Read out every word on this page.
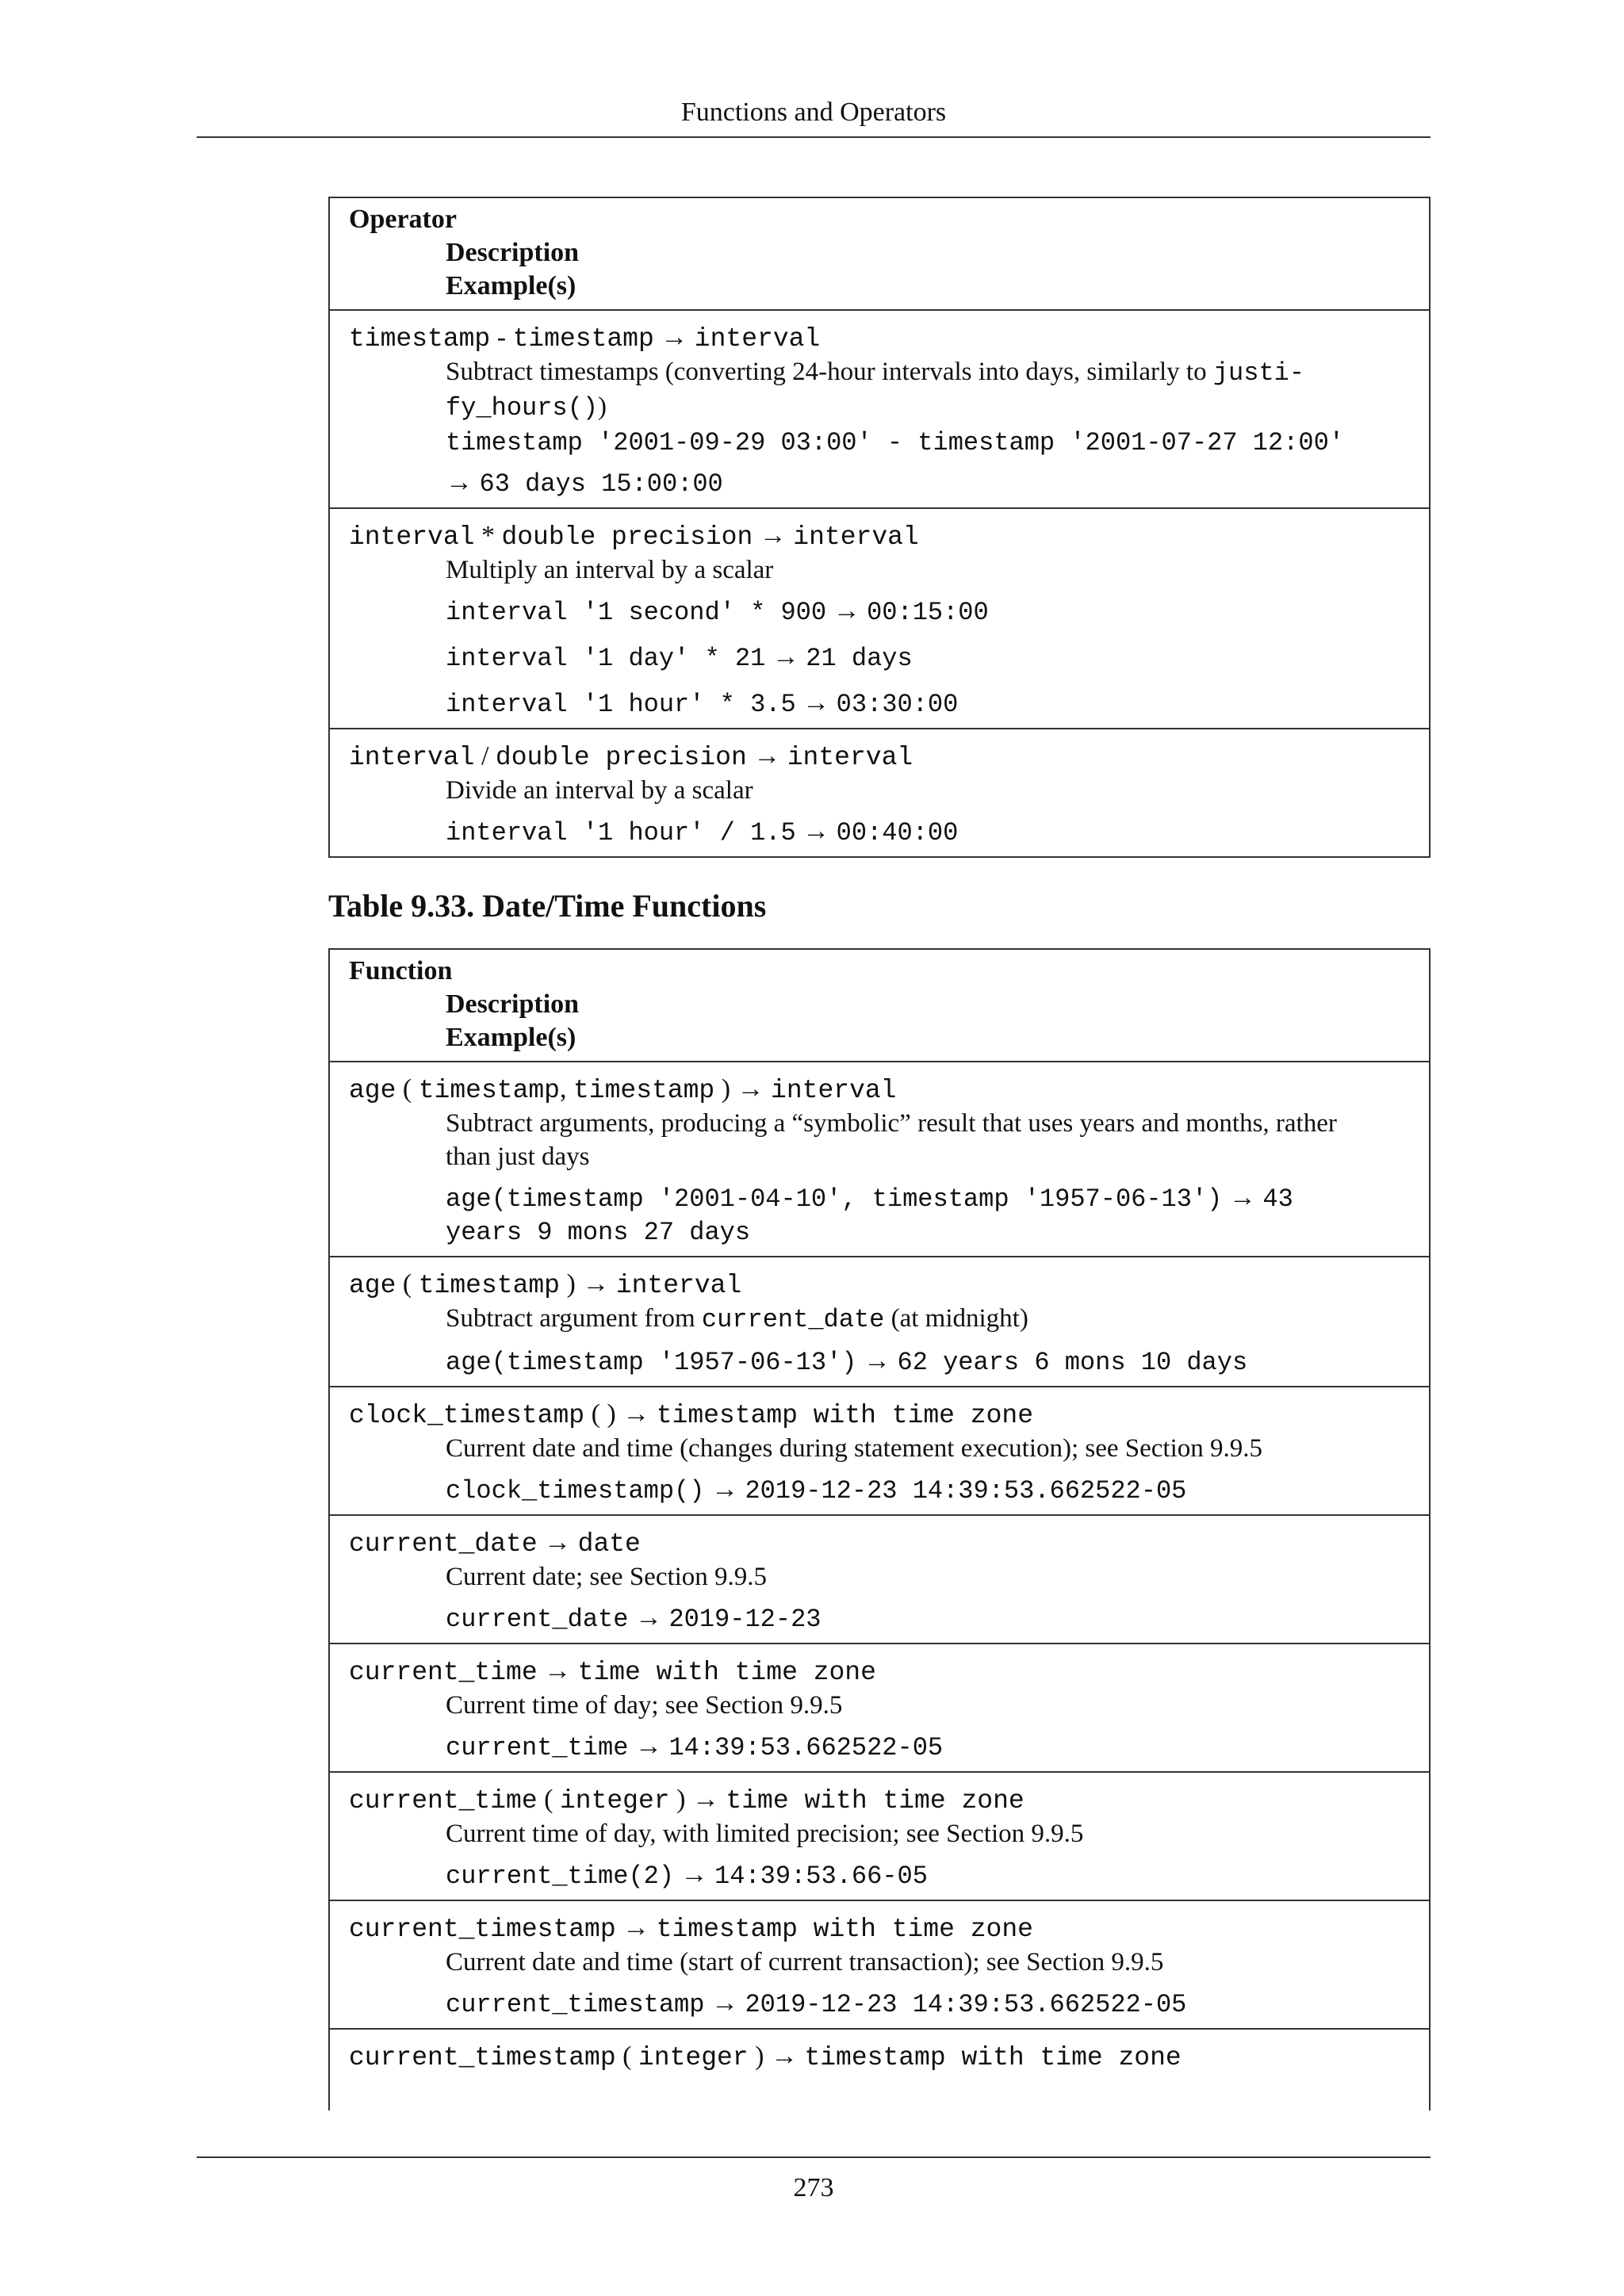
Functions and Operators
Operator
Description
Example(s)
timestamp - timestamp → interval
Subtract timestamps (converting 24-hour intervals into days, similarly to justi-
fy_hours())
timestamp '2001-09-29 03:00' - timestamp '2001-07-27 12:00'
→ 63 days 15:00:00
interval * double precision → interval
Multiply an interval by a scalar
interval '1 second' * 900 → 00:15:00
interval '1 day' * 21 → 21 days
interval '1 hour' * 3.5 → 03:30:00
interval / double precision → interval
Divide an interval by a scalar
interval '1 hour' / 1.5 → 00:40:00
Table 9.33. Date/Time Functions
Function
Description
Example(s)
age ( timestamp, timestamp ) → interval
Subtract arguments, producing a “symbolic” result that uses years and months, rather
than just days
age(timestamp '2001-04-10', timestamp '1957-06-13') → 43
years 9 mons 27 days
age ( timestamp ) → interval
Subtract argument from current_date (at midnight)
age(timestamp '1957-06-13') → 62 years 6 mons 10 days
clock_timestamp ( ) → timestamp with time zone
Current date and time (changes during statement execution); see Section 9.9.5
clock_timestamp() → 2019-12-23 14:39:53.662522-05
current_date → date
Current date; see Section 9.9.5
current_date → 2019-12-23
current_time → time with time zone
Current time of day; see Section 9.9.5
current_time → 14:39:53.662522-05
current_time ( integer ) → time with time zone
Current time of day, with limited precision; see Section 9.9.5
current_time(2) → 14:39:53.66-05
current_timestamp → timestamp with time zone
Current date and time (start of current transaction); see Section 9.9.5
current_timestamp → 2019-12-23 14:39:53.662522-05
current_timestamp ( integer ) → timestamp with time zone
273
